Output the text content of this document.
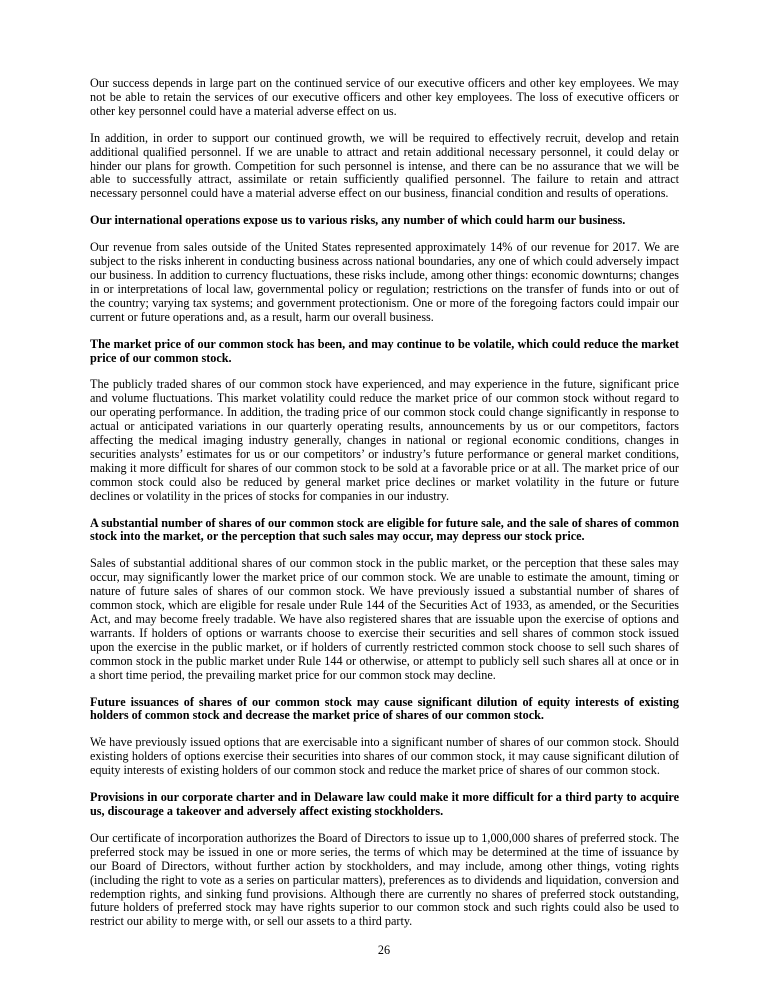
Our success depends in large part on the continued service of our executive officers and other key employees. We may not be able to retain the services of our executive officers and other key employees. The loss of executive officers or other key personnel could have a material adverse effect on us.

In addition, in order to support our continued growth, we will be required to effectively recruit, develop and retain additional qualified personnel. If we are unable to attract and retain additional necessary personnel, it could delay or hinder our plans for growth. Competition for such personnel is intense, and there can be no assurance that we will be able to successfully attract, assimilate or retain sufficiently qualified personnel. The failure to retain and attract necessary personnel could have a material adverse effect on our business, financial condition and results of operations.

Our international operations expose us to various risks, any number of which could harm our business.

Our revenue from sales outside of the United States represented approximately 14% of our revenue for 2017. We are subject to the risks inherent in conducting business across national boundaries, any one of which could adversely impact our business. In addition to currency fluctuations, these risks include, among other things: economic downturns; changes in or interpretations of local law, governmental policy or regulation; restrictions on the transfer of funds into or out of the country; varying tax systems; and government protectionism. One or more of the foregoing factors could impair our current or future operations and, as a result, harm our overall business.

The market price of our common stock has been, and may continue to be volatile, which could reduce the market price of our common stock.

The publicly traded shares of our common stock have experienced, and may experience in the future, significant price and volume fluctuations. This market volatility could reduce the market price of our common stock without regard to our operating performance. In addition, the trading price of our common stock could change significantly in response to actual or anticipated variations in our quarterly operating results, announcements by us or our competitors, factors affecting the medical imaging industry generally, changes in national or regional economic conditions, changes in securities analysts’ estimates for us or our competitors’ or industry’s future performance or general market conditions, making it more difficult for shares of our common stock to be sold at a favorable price or at all. The market price of our common stock could also be reduced by general market price declines or market volatility in the future or future declines or volatility in the prices of stocks for companies in our industry.

A substantial number of shares of our common stock are eligible for future sale, and the sale of shares of common stock into the market, or the perception that such sales may occur, may depress our stock price.

Sales of substantial additional shares of our common stock in the public market, or the perception that these sales may occur, may significantly lower the market price of our common stock. We are unable to estimate the amount, timing or nature of future sales of shares of our common stock. We have previously issued a substantial number of shares of common stock, which are eligible for resale under Rule 144 of the Securities Act of 1933, as amended, or the Securities Act, and may become freely tradable. We have also registered shares that are issuable upon the exercise of options and warrants. If holders of options or warrants choose to exercise their securities and sell shares of common stock issued upon the exercise in the public market, or if holders of currently restricted common stock choose to sell such shares of common stock in the public market under Rule 144 or otherwise, or attempt to publicly sell such shares all at once or in a short time period, the prevailing market price for our common stock may decline.

Future issuances of shares of our common stock may cause significant dilution of equity interests of existing holders of common stock and decrease the market price of shares of our common stock.

We have previously issued options that are exercisable into a significant number of shares of our common stock. Should existing holders of options exercise their securities into shares of our common stock, it may cause significant dilution of equity interests of existing holders of our common stock and reduce the market price of shares of our common stock.

Provisions in our corporate charter and in Delaware law could make it more difficult for a third party to acquire us, discourage a takeover and adversely affect existing stockholders.

Our certificate of incorporation authorizes the Board of Directors to issue up to 1,000,000 shares of preferred stock. The preferred stock may be issued in one or more series, the terms of which may be determined at the time of issuance by our Board of Directors, without further action by stockholders, and may include, among other things, voting rights (including the right to vote as a series on particular matters), preferences as to dividends and liquidation, conversion and redemption rights, and sinking fund provisions. Although there are currently no shares of preferred stock outstanding, future holders of preferred stock may have rights superior to our common stock and such rights could also be used to restrict our ability to merge with, or sell our assets to a third party.

26
